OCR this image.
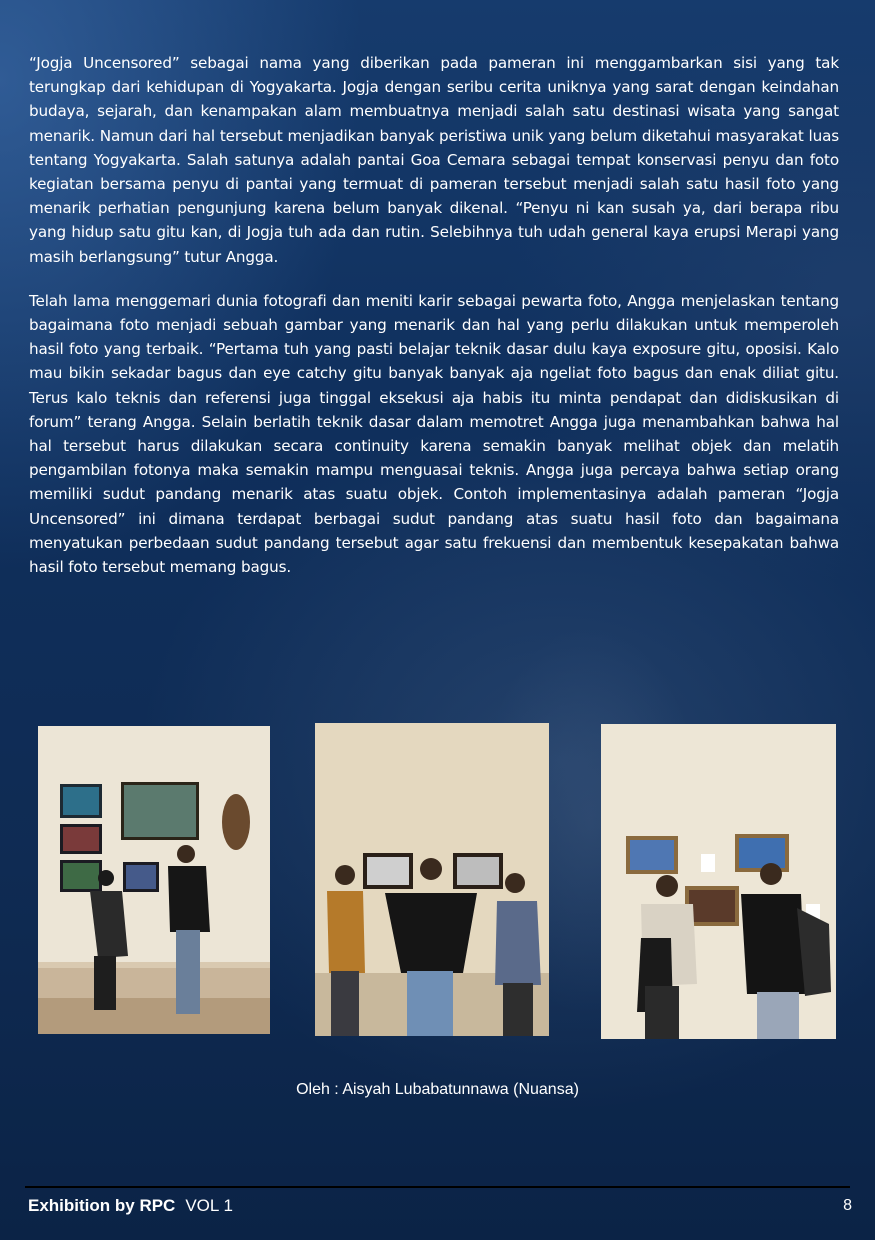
“Jogja Uncensored” sebagai nama yang diberikan pada pameran ini menggambarkan sisi yang tak terungkap dari kehidupan di Yogyakarta. Jogja dengan seribu cerita uniknya yang sarat dengan keindahan budaya, sejarah, dan kenampakan alam membuatnya menjadi salah satu destinasi wisata yang sangat menarik. Namun dari hal tersebut menjadikan banyak peristiwa unik yang belum diketahui masyarakat luas tentang Yogyakarta. Salah satunya adalah pantai Goa Cemara sebagai tempat konservasi penyu dan foto kegiatan bersama penyu di pantai yang termuat di pameran tersebut menjadi salah satu hasil foto yang menarik perhatian pengunjung karena belum banyak dikenal. “Penyu ni kan susah ya, dari berapa ribu yang hidup satu gitu kan, di Jogja tuh ada dan rutin. Selebihnya tuh udah general kaya erupsi Merapi yang masih berlangsung” tutur Angga.

Telah lama menggemari dunia fotografi dan meniti karir sebagai pewarta foto, Angga menjelaskan tentang bagaimana foto menjadi sebuah gambar yang menarik dan hal yang perlu dilakukan untuk memperoleh hasil foto yang terbaik. “Pertama tuh yang pasti belajar teknik dasar dulu kaya exposure gitu, oposisi. Kalo mau bikin sekadar bagus dan eye catchy gitu banyak banyak aja ngeliat foto bagus dan enak diliat gitu. Terus kalo teknis dan referensi juga tinggal eksekusi aja habis itu minta pendapat dan didiskusikan di forum” terang Angga. Selain berlatih teknik dasar dalam memotret Angga juga menambahkan bahwa hal hal tersebut harus dilakukan secara continuity karena semakin banyak melihat objek dan melatih pengambilan fotonya maka semakin mampu menguasai teknis. Angga juga percaya bahwa setiap orang memiliki sudut pandang menarik atas suatu objek. Contoh implementasinya adalah pameran “Jogja Uncensored” ini dimana terdapat berbagai sudut pandang atas suatu hasil foto dan bagaimana menyatukan perbedaan sudut pandang tersebut agar satu frekuensi dan membentuk kesepakatan bahwa hasil foto tersebut memang bagus.

Oleh : Aisyah Lubabatunnawa (Nuansa)
Exhibition by RPC VOL 1	8
